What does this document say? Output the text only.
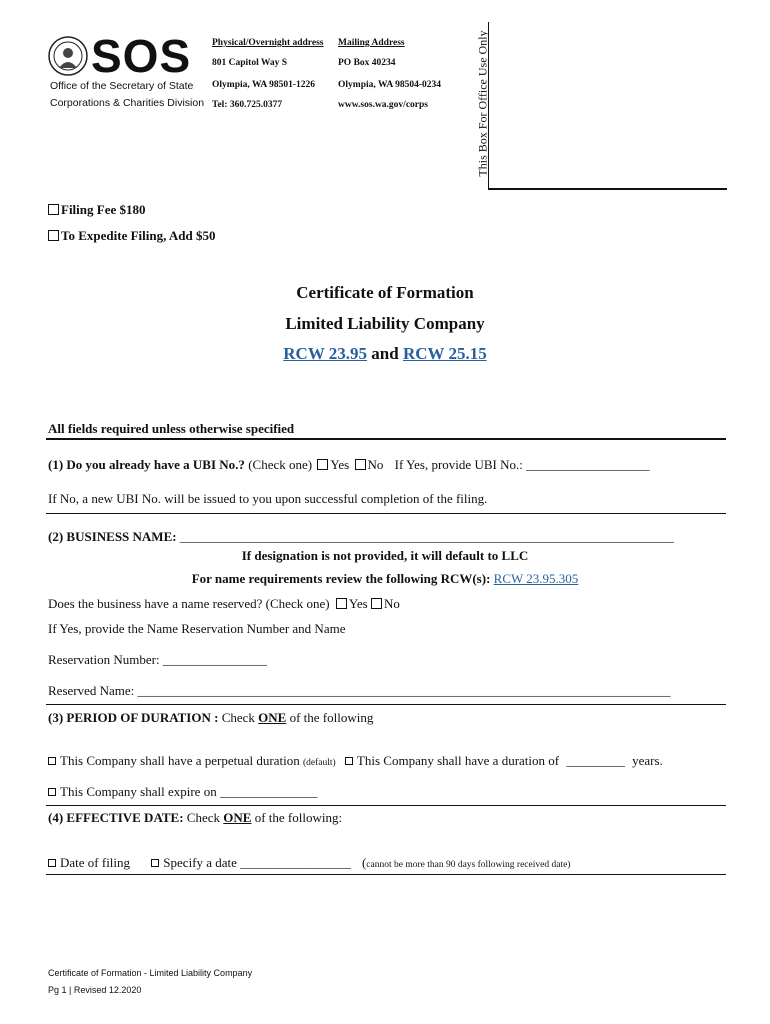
SOS
Office of the Secretary of State
Corporations & Charities Division
Physical/Overnight address
801 Capitol Way S
Olympia, WA 98501-1226
Tel: 360.725.0377
Mailing Address
PO Box 40234
Olympia, WA 98504-0234
www.sos.wa.gov/corps	This Box For Office Use Only
Filing Fee $180
To Expedite Filing, Add $50
Certificate of Formation
Limited Liability Company
RCW 23.95 and RCW 25.15
All fields required unless otherwise specified
(1) Do you already have a UBI No.? (Check one) Yes No If Yes, provide UBI No.: ___________________
If No, a new UBI No. will be issued to you upon successful completion of the filing.
(2) BUSINESS NAME: ____________________________________________________________________________
If designation is not provided, it will default to LLC
For name requirements review the following RCW(s): RCW 23.95.305
Does the business have a name reserved? (Check one) Yes No
If Yes, provide the Name Reservation Number and Name
Reservation Number: ________________
Reserved Name: __________________________________________________________________________________
(3) PERIOD OF DURATION : Check ONE of the following
This Company shall have a perpetual duration (default) This Company shall have a duration of _________ years.
This Company shall expire on _______________
(4) EFFECTIVE DATE: Check ONE of the following:
Date of filing	Specify a date _________________ (cannot be more than 90 days following received date)
Certificate of Formation - Limited Liability Company
Pg 1 | Revised 12.2020
